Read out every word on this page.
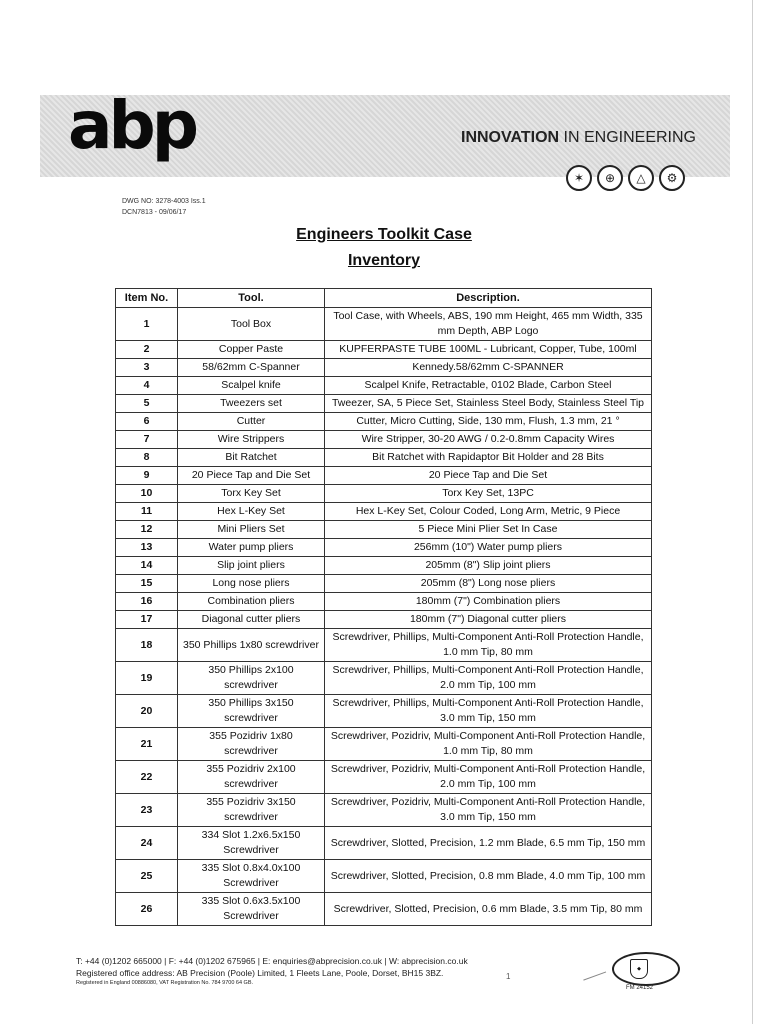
abp	INNOVATION IN ENGINEERING
✶	⊕	△	⚙
DWG NO: 3278-4003 Iss.1
DCN7813 - 09/06/17
Engineers Toolkit Case
Inventory
Item No.	Tool.	Description.
1	Tool Box	Tool Case, with Wheels, ABS, 190 mm Height, 465 mm Width, 335 mm Depth, ABP Logo
2	Copper Paste	KUPFERPASTE TUBE 100ML - Lubricant, Copper, Tube, 100ml
3	58/62mm C-Spanner	Kennedy.58/62mm C-SPANNER
4	Scalpel knife	Scalpel Knife, Retractable, 0102 Blade, Carbon Steel
5	Tweezers set	Tweezer, SA, 5 Piece Set, Stainless Steel Body, Stainless Steel Tip
6	Cutter	Cutter, Micro Cutting, Side, 130 mm, Flush, 1.3 mm, 21 °
7	Wire Strippers	Wire Stripper, 30-20 AWG / 0.2-0.8mm Capacity Wires
8	Bit Ratchet	Bit Ratchet with Rapidaptor Bit Holder and 28 Bits
9	20 Piece Tap and Die Set	20 Piece Tap and Die Set
10	Torx Key Set	Torx Key Set, 13PC
11	Hex L-Key Set	Hex L-Key Set, Colour Coded, Long Arm, Metric, 9 Piece
12	Mini Pliers Set	5 Piece Mini Plier Set In Case
13	Water pump pliers	256mm (10") Water pump pliers
14	Slip joint pliers	205mm (8") Slip joint pliers
15	Long nose pliers	205mm (8") Long nose pliers
16	Combination pliers	180mm (7") Combination pliers
17	Diagonal cutter pliers	180mm (7") Diagonal cutter pliers
18	350 Phillips 1x80 screwdriver	Screwdriver, Phillips, Multi-Component Anti-Roll Protection Handle, 1.0 mm Tip, 80 mm
19	350 Phillips 2x100 screwdriver	Screwdriver, Phillips, Multi-Component Anti-Roll Protection Handle, 2.0 mm Tip, 100 mm
20	350 Phillips 3x150 screwdriver	Screwdriver, Phillips, Multi-Component Anti-Roll Protection Handle, 3.0 mm Tip, 150 mm
21	355 Pozidriv 1x80 screwdriver	Screwdriver, Pozidriv, Multi-Component Anti-Roll Protection Handle, 1.0 mm Tip, 80 mm
22	355 Pozidriv 2x100 screwdriver	Screwdriver, Pozidriv, Multi-Component Anti-Roll Protection Handle, 2.0 mm Tip, 100 mm
23	355 Pozidriv 3x150 screwdriver	Screwdriver, Pozidriv, Multi-Component Anti-Roll Protection Handle, 3.0 mm Tip, 150 mm
24	334 Slot 1.2x6.5x150 Screwdriver	Screwdriver, Slotted, Precision, 1.2 mm Blade, 6.5 mm Tip, 150 mm
25	335 Slot 0.8x4.0x100 Screwdriver	Screwdriver, Slotted, Precision, 0.8 mm Blade, 4.0 mm Tip, 100 mm
26	335 Slot 0.6x3.5x100 Screwdriver	Screwdriver, Slotted, Precision, 0.6 mm Blade, 3.5 mm Tip, 80 mm
T: +44 (0)1202 665000 | F: +44 (0)1202 675965 | E: enquiries@abprecision.co.uk | W: abprecision.co.uk
Registered office address: AB Precision (Poole) Limited, 1 Fleets Lane, Poole, Dorset, BH15 3BZ.
Registered in England 00886080, VAT Registration No. 784 9700 64 GB.
1
◆
FM 24152
